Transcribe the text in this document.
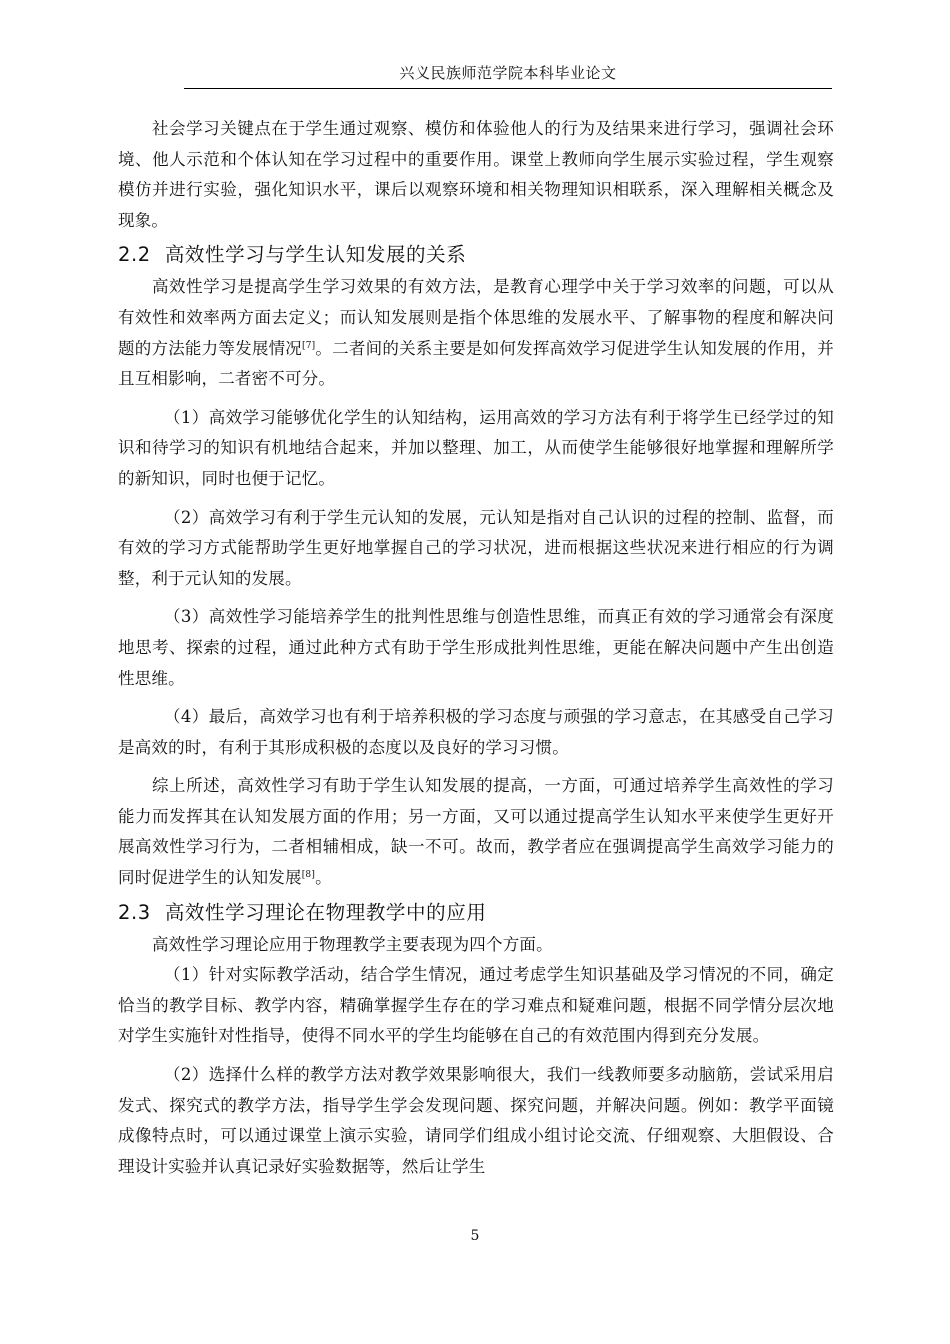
兴义民族师范学院本科毕业论文

社会学习关键点在于学生通过观察、模仿和体验他人的行为及结果来进行学习，强调社会环境、他人示范和个体认知在学习过程中的重要作用。课堂上教师向学生展示实验过程，学生观察模仿并进行实验，强化知识水平，课后以观察环境和相关物理知识相联系，深入理解相关概念及现象。

2.2 高效性学习与学生认知发展的关系

高效性学习是提高学生学习效果的有效方法，是教育心理学中关于学习效率的问题，可以从有效性和效率两方面去定义；而认知发展则是指个体思维的发展水平、了解事物的程度和解决问题的方法能力等发展情况[7]。二者间的关系主要是如何发挥高效学习促进学生认知发展的作用，并且互相影响，二者密不可分。

（1）高效学习能够优化学生的认知结构，运用高效的学习方法有利于将学生已经学过的知识和待学习的知识有机地结合起来，并加以整理、加工，从而使学生能够很好地掌握和理解所学的新知识，同时也便于记忆。

（2）高效学习有利于学生元认知的发展，元认知是指对自己认识的过程的控制、监督，而有效的学习方式能帮助学生更好地掌握自己的学习状况，进而根据这些状况来进行相应的行为调整，利于元认知的发展。

（3）高效性学习能培养学生的批判性思维与创造性思维，而真正有效的学习通常会有深度地思考、探索的过程，通过此种方式有助于学生形成批判性思维，更能在解决问题中产生出创造性思维。

（4）最后，高效学习也有利于培养积极的学习态度与顽强的学习意志，在其感受自己学习是高效的时，有利于其形成积极的态度以及良好的学习习惯。

综上所述，高效性学习有助于学生认知发展的提高，一方面，可通过培养学生高效性的学习能力而发挥其在认知发展方面的作用；另一方面，又可以通过提高学生认知水平来使学生更好开展高效性学习行为，二者相辅相成，缺一不可。故而，教学者应在强调提高学生高效学习能力的同时促进学生的认知发展[8]。

2.3 高效性学习理论在物理教学中的应用

高效性学习理论应用于物理教学主要表现为四个方面。

（1）针对实际教学活动，结合学生情况，通过考虑学生知识基础及学习情况的不同，确定恰当的教学目标、教学内容，精确掌握学生存在的学习难点和疑难问题，根据不同学情分层次地对学生实施针对性指导，使得不同水平的学生均能够在自己的有效范围内得到充分发展。

（2）选择什么样的教学方法对教学效果影响很大，我们一线教师要多动脑筋，尝试采用启发式、探究式的教学方法，指导学生学会发现问题、探究问题，并解决问题。例如：教学平面镜成像特点时，可以通过课堂上演示实验，请同学们组成小组讨论交流、仔细观察、大胆假设、合理设计实验并认真记录好实验数据等，然后让学生

5
